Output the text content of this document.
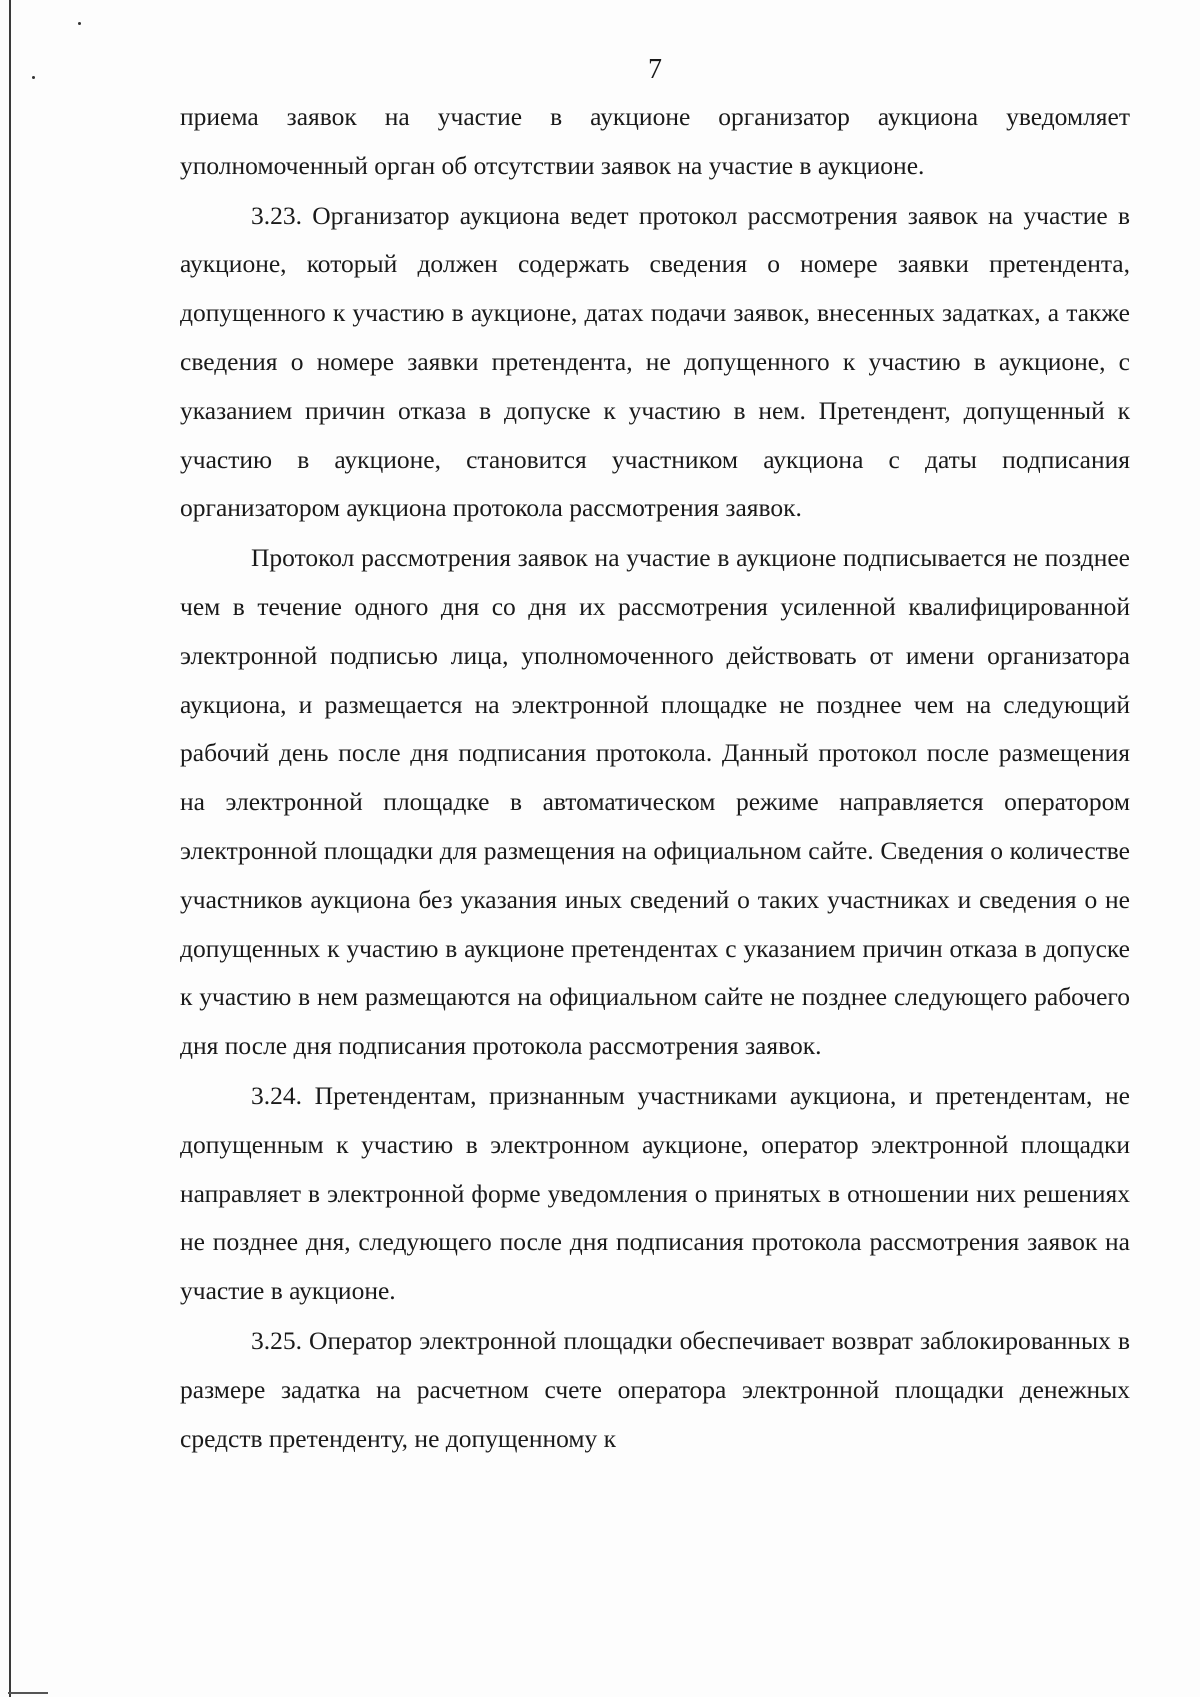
7

приема заявок на участие в аукционе организатор аукциона уведомляет уполномоченный орган об отсутствии заявок на участие в аукционе.

3.23. Организатор аукциона ведет протокол рассмотрения заявок на участие в аукционе, который должен содержать сведения о номере заявки претендента, допущенного к участию в аукционе, датах подачи заявок, внесенных задатках, а также сведения о номере заявки претендента, не допущенного к участию в аукционе, с указанием причин отказа в допуске к участию в нем. Претендент, допущенный к участию в аукционе, становится участником аукциона с даты подписания организатором аукциона протокола рассмотрения заявок.

Протокол рассмотрения заявок на участие в аукционе подписывается не позднее чем в течение одного дня со дня их рассмотрения усиленной квалифицированной электронной подписью лица, уполномоченного действовать от имени организатора аукциона, и размещается на электронной площадке не позднее чем на следующий рабочий день после дня подписания протокола. Данный протокол после размещения на электронной площадке в автоматическом режиме направляется оператором электронной площадки для размещения на официальном сайте. Сведения о количестве участников аукциона без указания иных сведений о таких участниках и сведения о не допущенных к участию в аукционе претендентах с указанием причин отказа в допуске к участию в нем размещаются на официальном сайте не позднее следующего рабочего дня после дня подписания протокола рассмотрения заявок.

3.24. Претендентам, признанным участниками аукциона, и претендентам, не допущенным к участию в электронном аукционе, оператор электронной площадки направляет в электронной форме уведомления о принятых в отношении них решениях не позднее дня, следующего после дня подписания протокола рассмотрения заявок на участие в аукционе.

3.25. Оператор электронной площадки обеспечивает возврат заблокированных в размере задатка на расчетном счете оператора электронной площадки денежных средств претенденту, не допущенному к
